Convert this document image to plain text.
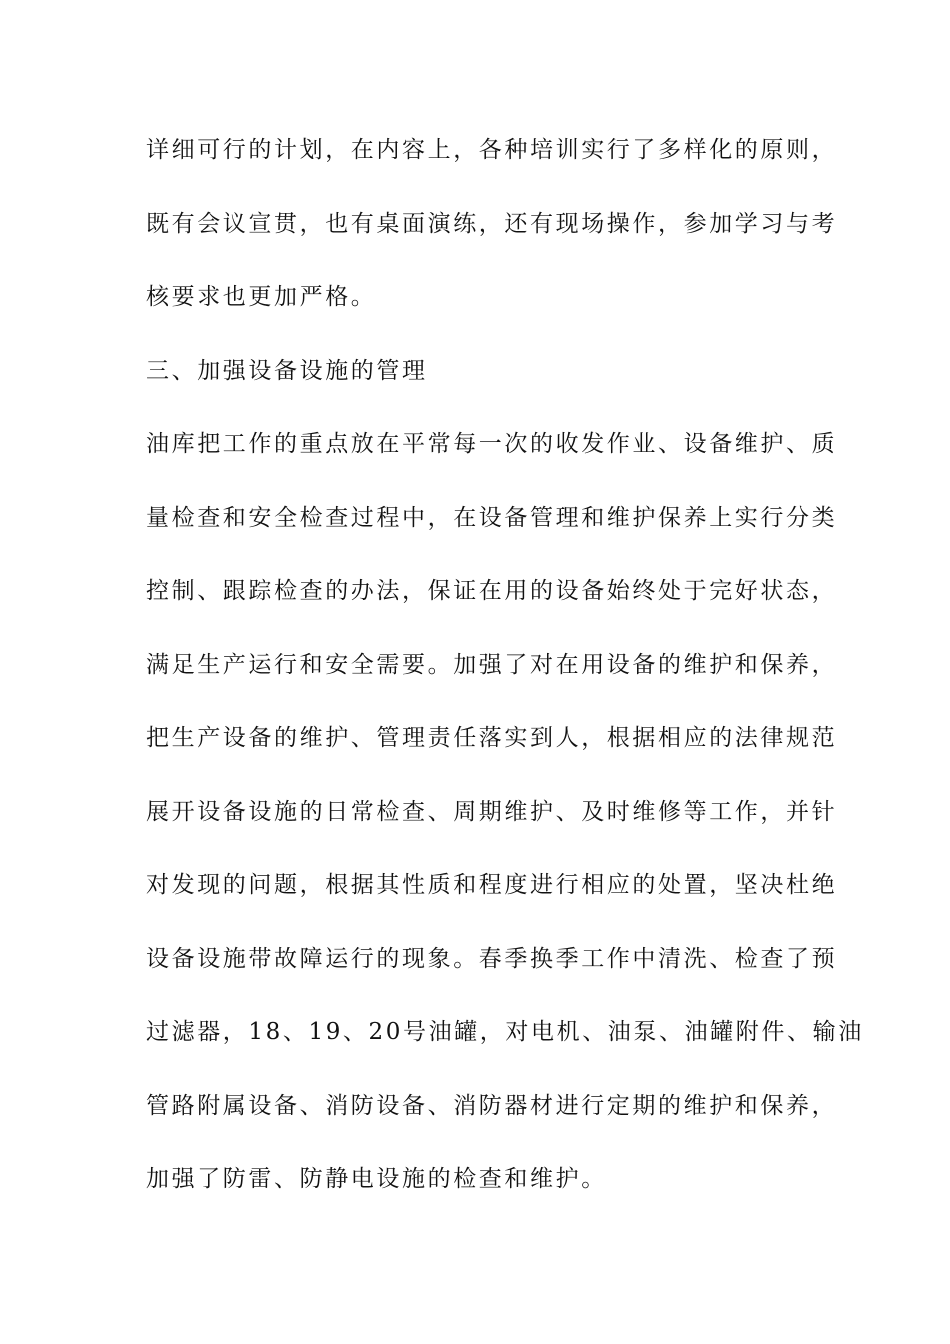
详细可行的计划，在内容上，各种培训实行了多样化的原则，
既有会议宣贯，也有桌面演练，还有现场操作，参加学习与考
核要求也更加严格。
三、加强设备设施的管理
油库把工作的重点放在平常每一次的收发作业、设备维护、质
量检查和安全检查过程中，在设备管理和维护保养上实行分类
控制、跟踪检查的办法，保证在用的设备始终处于完好状态，
满足生产运行和安全需要。加强了对在用设备的维护和保养，
把生产设备的维护、管理责任落实到人，根据相应的法律规范
展开设备设施的日常检查、周期维护、及时维修等工作，并针
对发现的问题，根据其性质和程度进行相应的处置，坚决杜绝
设备设施带故障运行的现象。春季换季工作中清洗、检查了预
过滤器，18、19、20号油罐，对电机、油泵、油罐附件、输油
管路附属设备、消防设备、消防器材进行定期的维护和保养，
加强了防雷、防静电设施的检查和维护。
